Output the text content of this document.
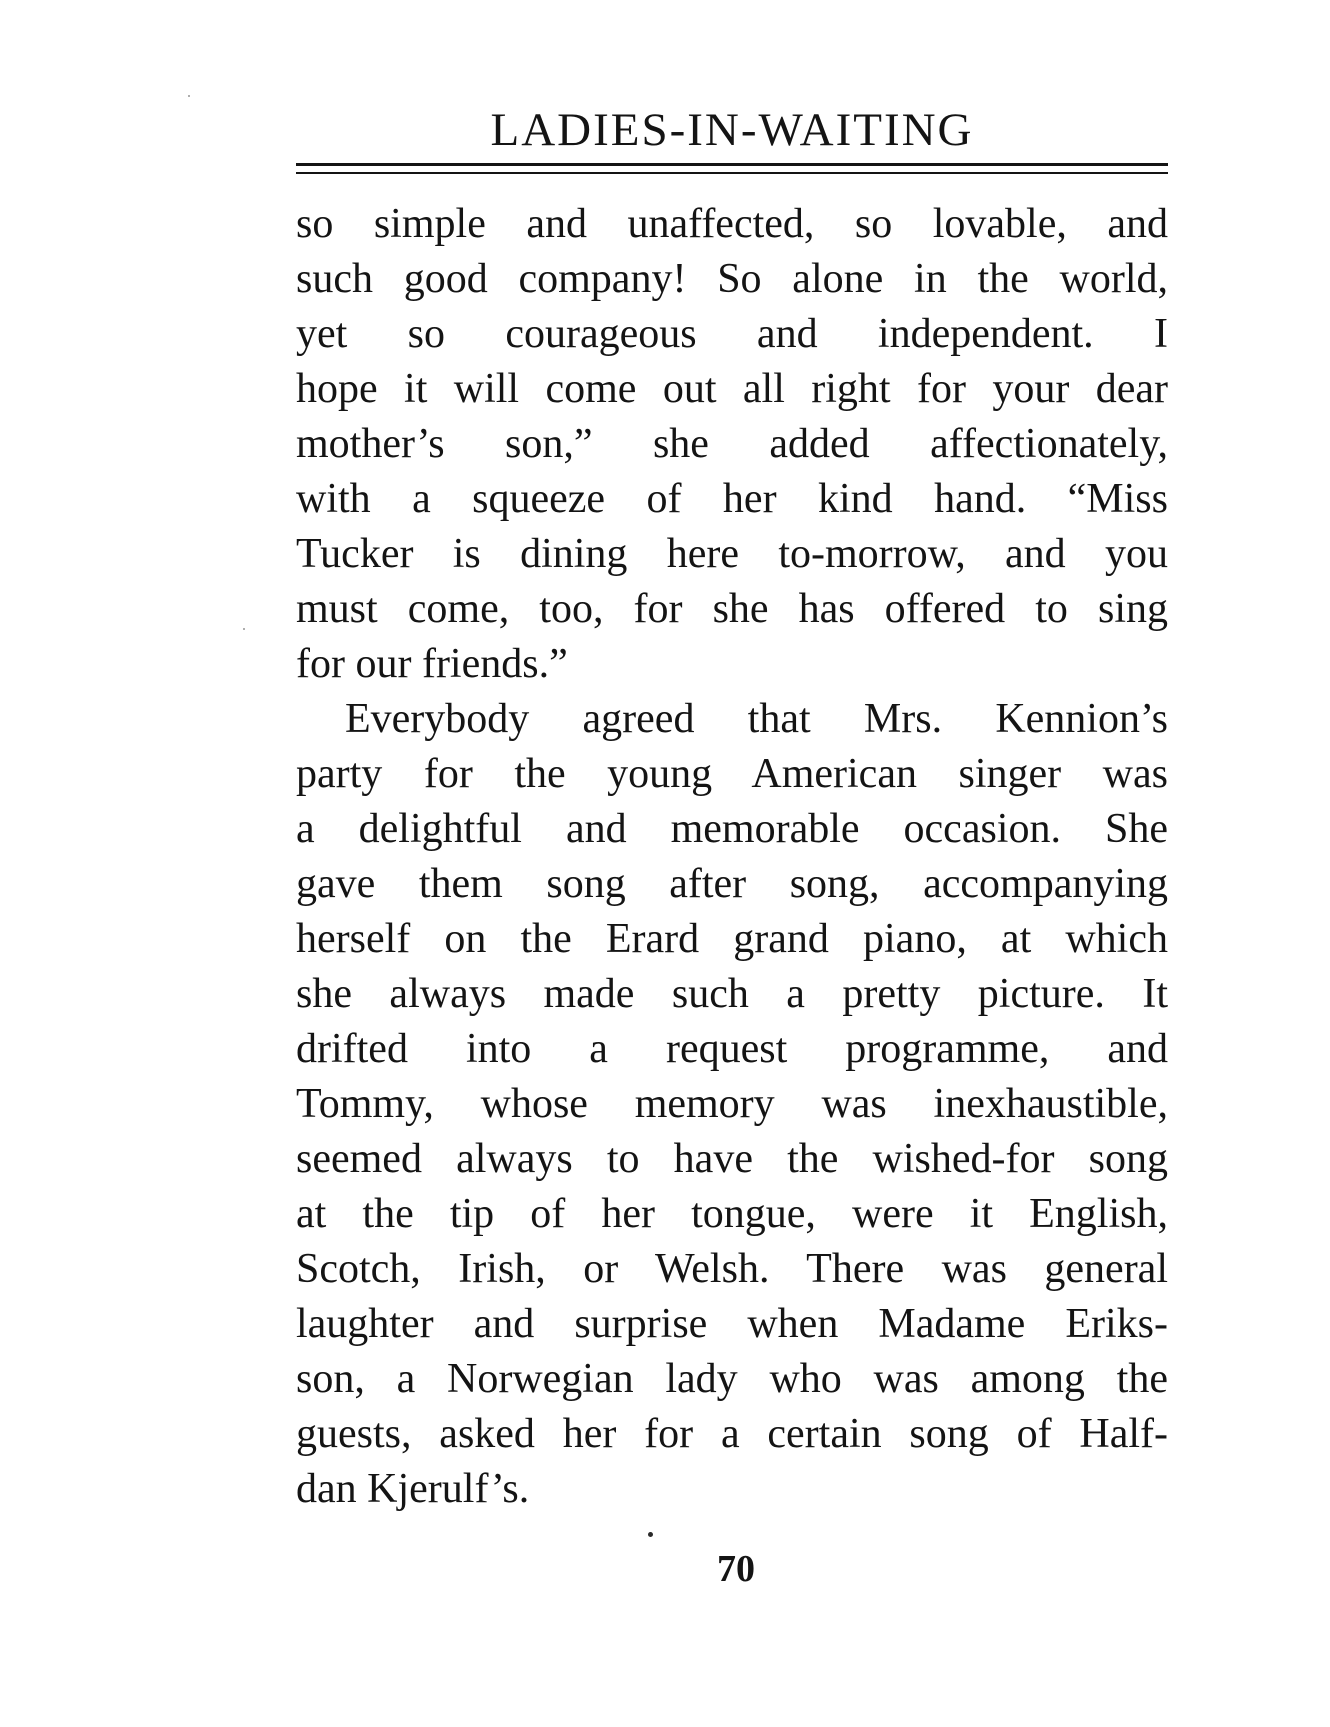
LADIES-IN-WAITING
so simple and unaffected, so lovable, and
such good company! So alone in the world,
yet so courageous and independent. I
hope it will come out all right for your dear
mother’s son,” she added affectionately,
with a squeeze of her kind hand. “Miss
Tucker is dining here to-morrow, and you
must come, too, for she has offered to sing
for our friends.”
Everybody agreed that Mrs. Kennion’s
party for the young American singer was
a delightful and memorable occasion. She
gave them song after song, accompanying
herself on the Erard grand piano, at which
she always made such a pretty picture. It
drifted into a request programme, and
Tommy, whose memory was inexhaustible,
seemed always to have the wished-for song
at the tip of her tongue, were it English,
Scotch, Irish, or Welsh. There was general
laughter and surprise when Madame Eriks-
son, a Norwegian lady who was among the
guests, asked her for a certain song of Half-
dan Kjerulf’s.
70
